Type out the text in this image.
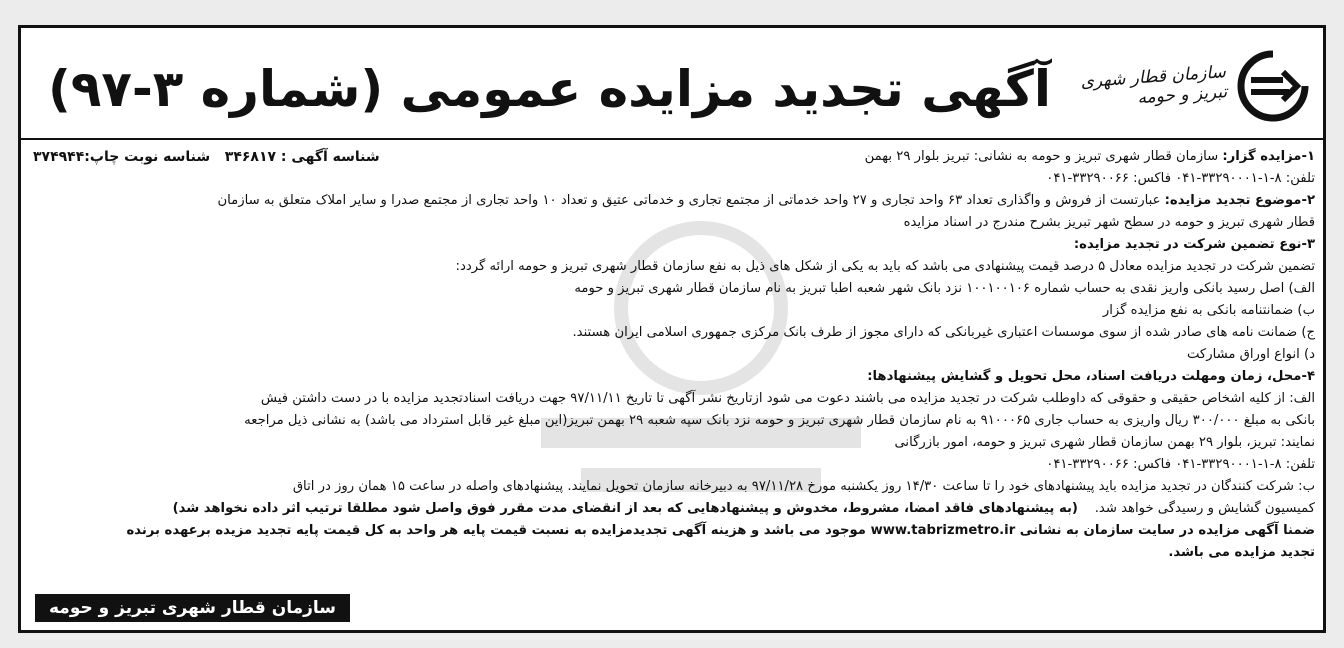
سازمان قطار شهری تبریز و حومه
آگهی تجدید مزایده عمومی (شماره ۳-۹۷)
۱-مزایده گزار: سازمان قطار شهری تبریز و حومه به نشانی: تبریز بلوار ۲۹ بهمن
شناسه آگهی : ۳۴۶۸۱۷   شناسه نوبت چاپ:۳۷۴۹۴۴
تلفن: ۸-۱-۳۳۲۹۰۰۰۱-۰۴۱ فاکس: ۳۳۲۹۰۰۶۶-۰۴۱
۲-موضوع تجدید مزایده: عبارتست از فروش و واگذاری تعداد ۶۳ واحد تجاری و ۲۷ واحد خدماتی از مجتمع تجاری و خدماتی عتیق و تعداد ۱۰ واحد تجاری از مجتمع صدرا و سایر املاک متعلق به سازمان
قطار شهری تبریز و حومه در سطح شهر تبریز بشرح مندرج در اسناد مزایده
۳-نوع تضمین شرکت در تجدید مزایده:
تضمین شرکت در تجدید مزایده معادل ۵ درصد قیمت پیشنهادی می باشد که باید به یکی از شکل های ذیل به نفع سازمان قطار شهری تبریز و حومه ارائه گردد:
الف) اصل رسید بانکی واریز نقدی به حساب شماره ۱۰۰۱۰۰۱۰۶ نزد بانک شهر شعبه اطبا تبریز به نام سازمان قطار شهری تبریز و حومه
ب) ضمانتنامه بانکی به نفع مزایده گزار
ج) ضمانت نامه های صادر شده از سوی موسسات اعتباری غیربانکی که دارای مجوز از طرف بانک مرکزی جمهوری اسلامی ایران هستند.
د) انواع اوراق مشارکت
۴-محل، زمان ومهلت دریافت اسناد، محل تحویل و گشایش پیشنهادها:
الف: از کلیه اشخاص حقیقی و حقوقی که داوطلب شرکت در تجدید مزایده می باشند دعوت می شود ازتاریخ نشر آگهی تا تاریخ ۹۷/۱۱/۱۱ جهت دریافت اسنادتجدید مزایده با در دست داشتن فیش
بانکی به مبلغ ۳۰۰/۰۰۰ ریال واریزی به حساب جاری ۹۱۰۰۰۶۵ به نام سازمان قطار شهری تبریز و حومه نزد بانک سپه شعبه ۲۹ بهمن تبریز(این مبلغ غیر قابل استرداد می باشد) به نشانی ذیل مراجعه
نمایند: تبریز، بلوار ۲۹ بهمن سازمان قطار شهری تبریز و حومه، امور بازرگانی
تلفن: ۸-۱-۳۳۲۹۰۰۰۱-۰۴۱ فاکس: ۳۳۲۹۰۰۶۶-۰۴۱
ب: شرکت کنندگان در تجدید مزایده باید پیشنهادهای خود را تا ساعت ۱۴/۳۰ روز یکشنبه مورخ ۹۷/۱۱/۲۸ به دبیرخانه سازمان تحویل نمایند. پیشنهادهای واصله در ساعت ۱۵ همان روز در اتاق
کمیسیون گشایش و رسیدگی خواهد شد.    (به پیشنهادهای فاقد امضا، مشروط، مخدوش و پیشنهادهایی که بعد از انقضای مدت مقرر فوق واصل شود مطلقا ترتیب اثر داده نخواهد شد)
ضمنا آگهی مزایده در سایت سازمان به نشانی www.tabrizmetro.ir موجود می باشد و هزینه آگهی تجدیدمزایده به نسبت قیمت پایه هر واحد به کل قیمت پایه تجدید مزیده برعهده برنده
تجدید مزایده می باشد.
سازمان قطار شهری تبریز و حومه
